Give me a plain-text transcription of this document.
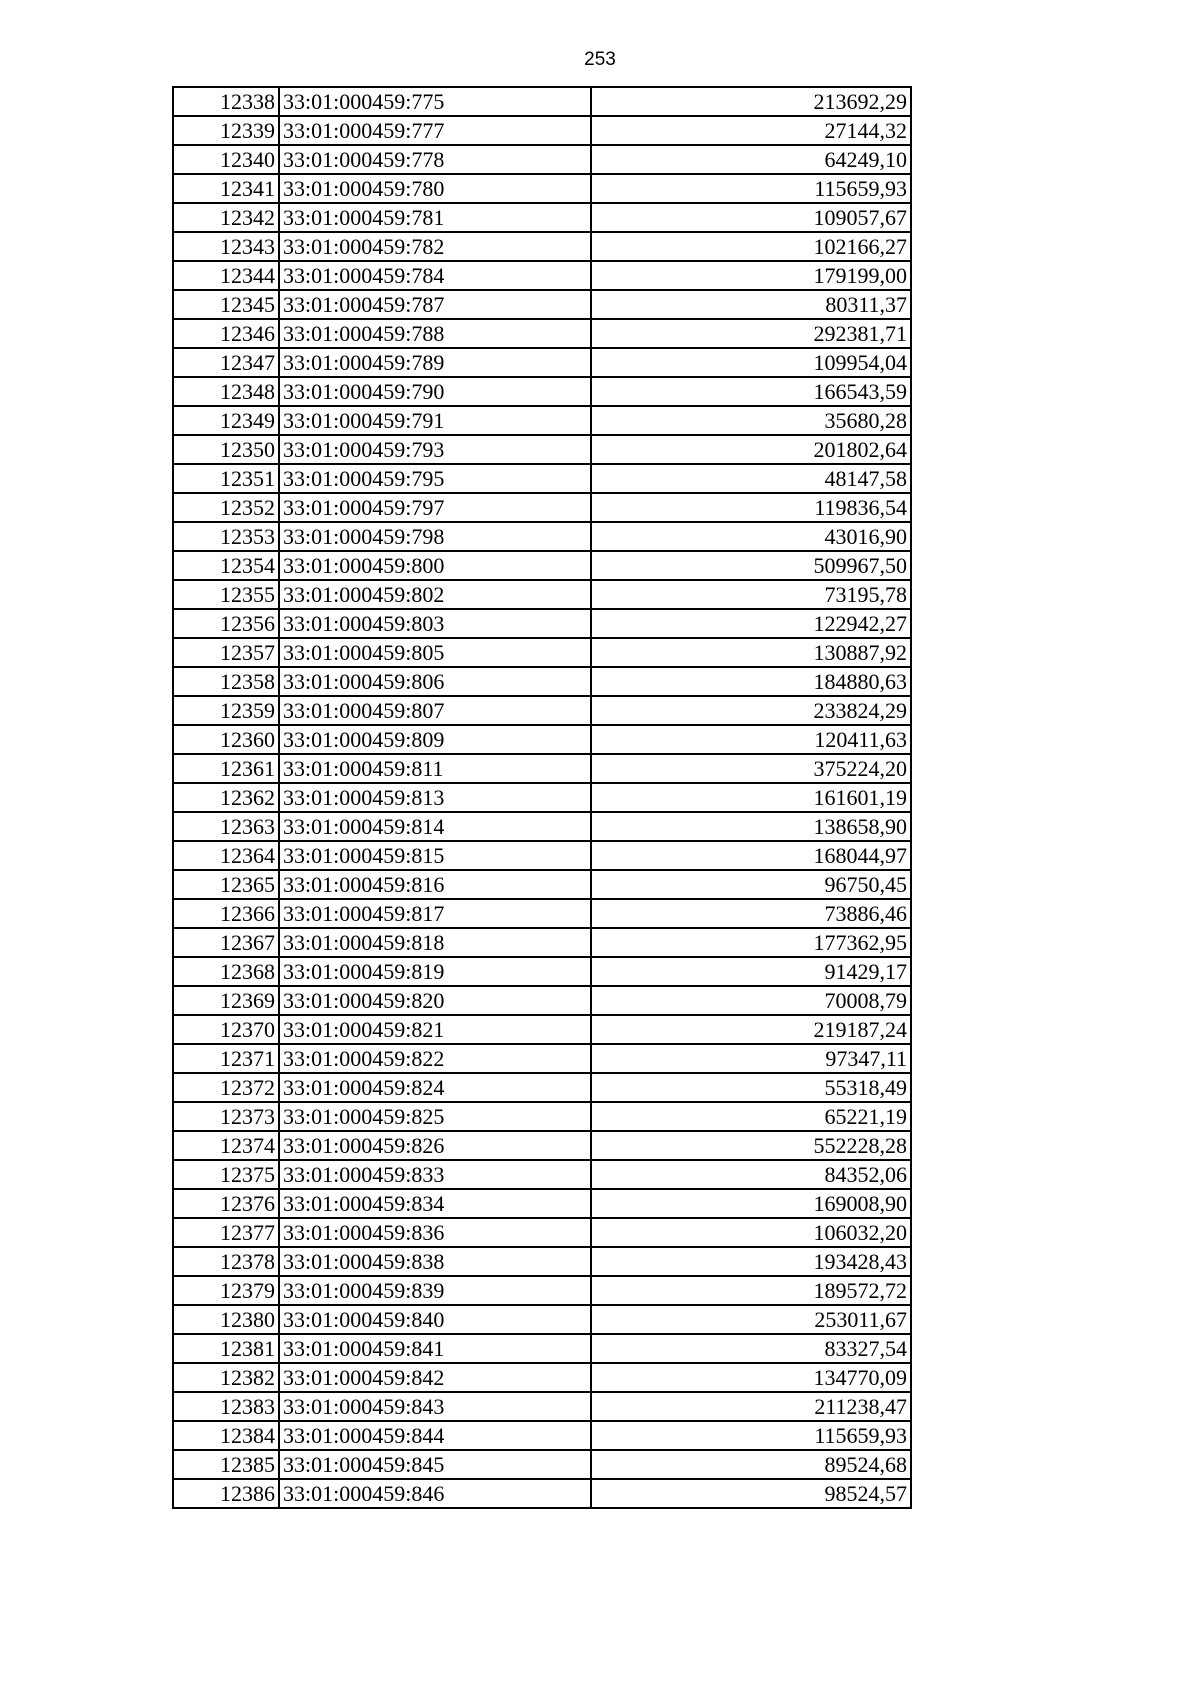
253
12338	33:01:000459:775	213692,29
12339	33:01:000459:777	27144,32
12340	33:01:000459:778	64249,10
12341	33:01:000459:780	115659,93
12342	33:01:000459:781	109057,67
12343	33:01:000459:782	102166,27
12344	33:01:000459:784	179199,00
12345	33:01:000459:787	80311,37
12346	33:01:000459:788	292381,71
12347	33:01:000459:789	109954,04
12348	33:01:000459:790	166543,59
12349	33:01:000459:791	35680,28
12350	33:01:000459:793	201802,64
12351	33:01:000459:795	48147,58
12352	33:01:000459:797	119836,54
12353	33:01:000459:798	43016,90
12354	33:01:000459:800	509967,50
12355	33:01:000459:802	73195,78
12356	33:01:000459:803	122942,27
12357	33:01:000459:805	130887,92
12358	33:01:000459:806	184880,63
12359	33:01:000459:807	233824,29
12360	33:01:000459:809	120411,63
12361	33:01:000459:811	375224,20
12362	33:01:000459:813	161601,19
12363	33:01:000459:814	138658,90
12364	33:01:000459:815	168044,97
12365	33:01:000459:816	96750,45
12366	33:01:000459:817	73886,46
12367	33:01:000459:818	177362,95
12368	33:01:000459:819	91429,17
12369	33:01:000459:820	70008,79
12370	33:01:000459:821	219187,24
12371	33:01:000459:822	97347,11
12372	33:01:000459:824	55318,49
12373	33:01:000459:825	65221,19
12374	33:01:000459:826	552228,28
12375	33:01:000459:833	84352,06
12376	33:01:000459:834	169008,90
12377	33:01:000459:836	106032,20
12378	33:01:000459:838	193428,43
12379	33:01:000459:839	189572,72
12380	33:01:000459:840	253011,67
12381	33:01:000459:841	83327,54
12382	33:01:000459:842	134770,09
12383	33:01:000459:843	211238,47
12384	33:01:000459:844	115659,93
12385	33:01:000459:845	89524,68
12386	33:01:000459:846	98524,57
